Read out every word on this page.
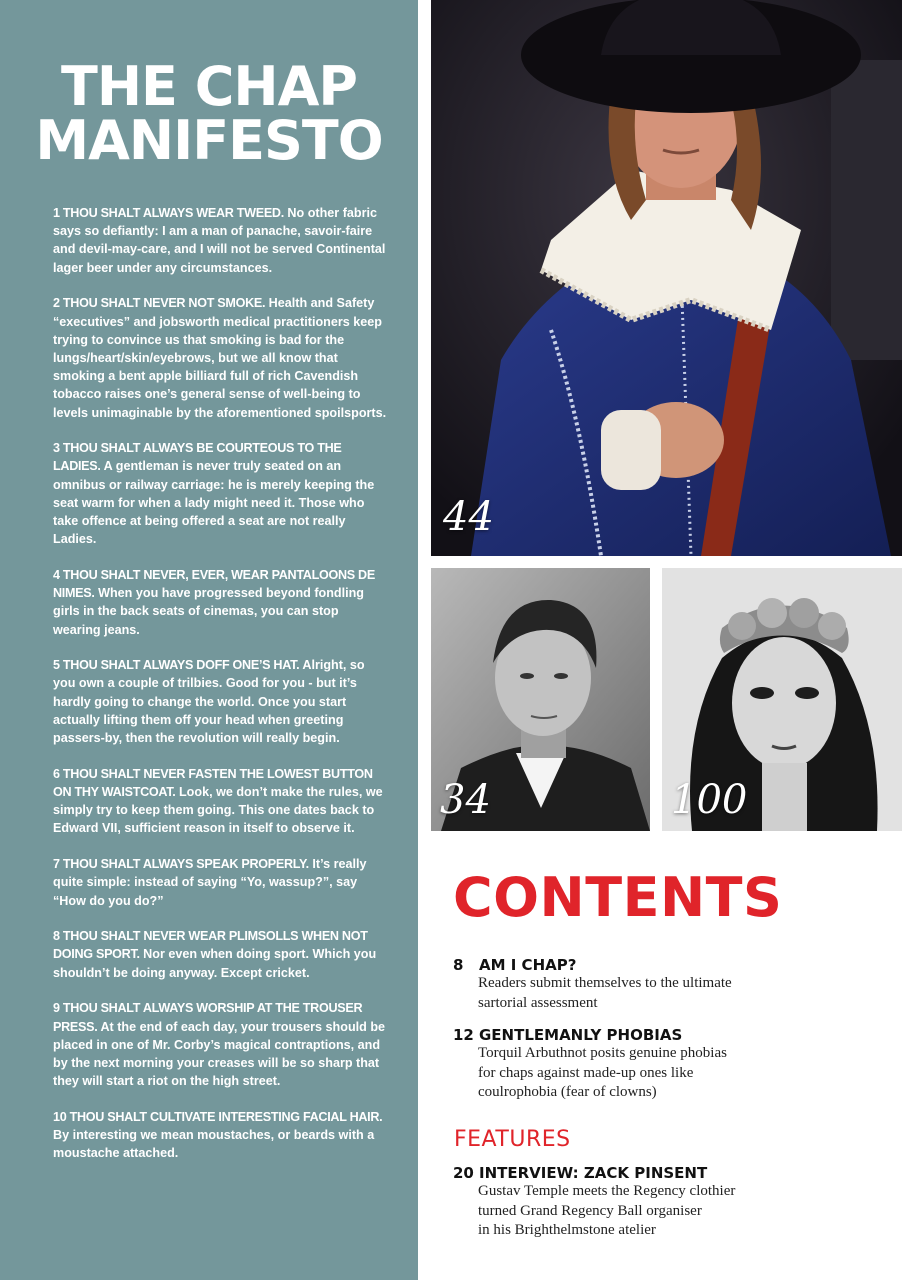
THE CHAP
MANIFESTO

1 THOU SHALT ALWAYS WEAR TWEED. No other fabric says so defiantly: I am a man of panache, savoir-faire and devil-may-care, and I will not be served Continental lager beer under any circumstances.

2 THOU SHALT NEVER NOT SMOKE. Health and Safety “executives” and jobsworth medical practitioners keep trying to convince us that smoking is bad for the lungs/heart/skin/eyebrows, but we all know that smoking a bent apple billiard full of rich Cavendish tobacco raises one’s general sense of well-being to levels unimaginable by the aforementioned spoilsports.

3 THOU SHALT ALWAYS BE COURTEOUS TO THE LADIES. A gentleman is never truly seated on an omnibus or railway carriage: he is merely keeping the seat warm for when a lady might need it. Those who take offence at being offered a seat are not really Ladies.

4 THOU SHALT NEVER, EVER, WEAR PANTALOONS DE NIMES. When you have progressed beyond fondling girls in the back seats of cinemas, you can stop wearing jeans.

5 THOU SHALT ALWAYS DOFF ONE’S HAT. Alright, so you own a couple of trilbies. Good for you - but it’s hardly going to change the world. Once you start actually lifting them off your head when greeting passers-by, then the revolution will really begin.

6 THOU SHALT NEVER FASTEN THE LOWEST BUTTON ON THY WAISTCOAT. Look, we don’t make the rules, we simply try to keep them going. This one dates back to Edward VII, sufficient reason in itself to observe it.

7 THOU SHALT ALWAYS SPEAK PROPERLY. It’s really quite simple: instead of saying “Yo, wassup?”, say “How do you do?”

8 THOU SHALT NEVER WEAR PLIMSOLLS WHEN NOT DOING SPORT. Nor even when doing sport. Which you shouldn’t be doing anyway. Except cricket.

9 THOU SHALT ALWAYS WORSHIP AT THE TROUSER PRESS. At the end of each day, your trousers should be placed in one of Mr. Corby’s magical contraptions, and by the next morning your creases will be so sharp that they will start a riot on the high street.

10 THOU SHALT CULTIVATE INTERESTING FACIAL HAIR. By interesting we mean moustaches, or beards with a moustache attached.

44
34	100
CONTENTS
8 AM I CHAP?
Readers submit themselves to the ultimate
sartorial assessment
12 GENTLEMANLY PHOBIAS
Torquil Arbuthnot posits genuine phobias
for chaps against made-up ones like
coulrophobia (fear of clowns)
FEATURES
20 INTERVIEW: ZACK PINSENT
Gustav Temple meets the Regency clothier
turned Grand Regency Ball organiser
in his Brighthelmstone atelier
